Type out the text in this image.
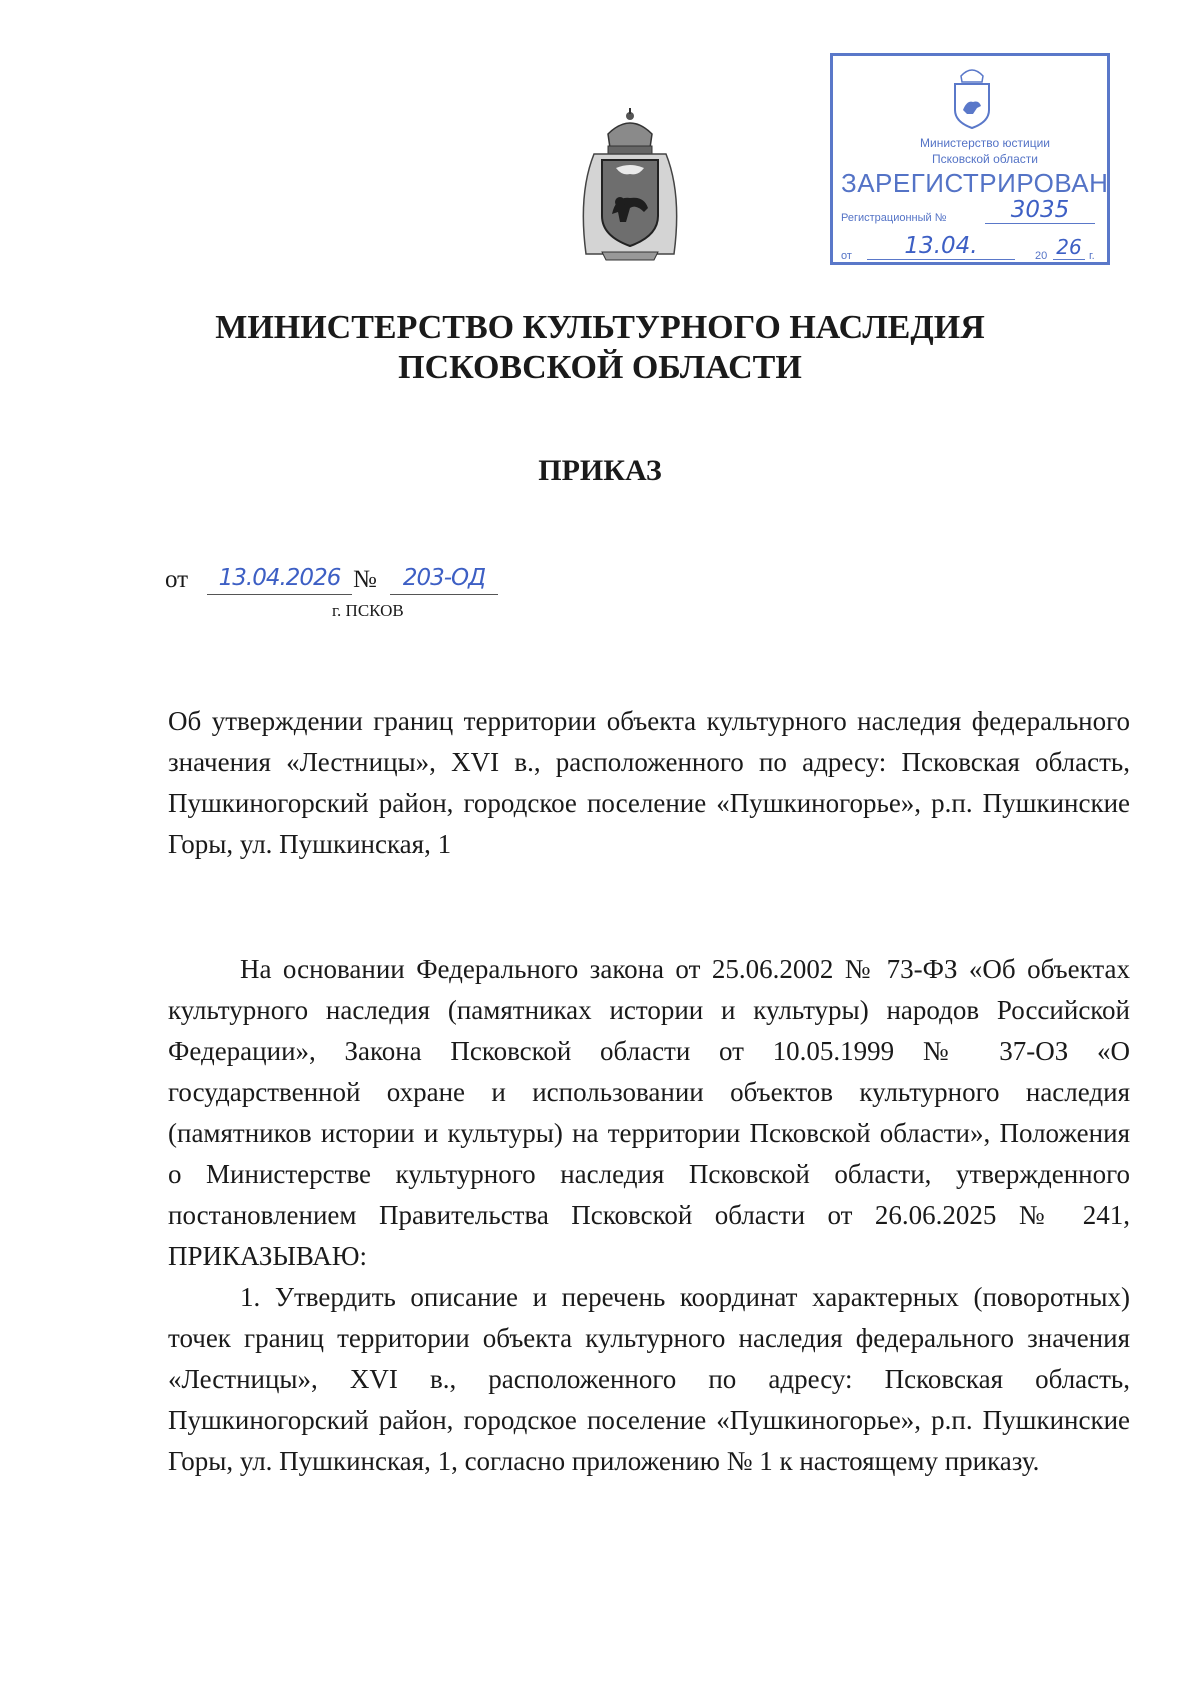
Министерство юстиции
Псковской области
ЗАРЕГИСТРИРОВАН
Регистрационный №	3035
от	13.04.	20 26 г.
МИНИСТЕРСТВО КУЛЬТУРНОГО НАСЛЕДИЯ
ПСКОВСКОЙ ОБЛАСТИ
ПРИКАЗ
от	13.04.2026 №	203-ОД
г. ПСКОВ
Об утверждении границ территории объекта культурного наследия федерального значения «Лестницы», XVI в., расположенного по адресу: Псковская область, Пушкиногорский район, городское поселение «Пушкиногорье», р.п. Пушкинские Горы, ул. Пушкинская, 1

На основании Федерального закона от 25.06.2002 № 73-ФЗ «Об объектах культурного наследия (памятниках истории и культуры) народов Российской Федерации», Закона Псковской области от 10.05.1999 № 37-ОЗ «О государственной охране и использовании объектов культурного наследия (памятников истории и культуры) на территории Псковской области», Положения о Министерстве культурного наследия Псковской области, утвержденного постановлением Правительства Псковской области от 26.06.2025 № 241, ПРИКАЗЫВАЮ:

1. Утвердить описание и перечень координат характерных (поворотных) точек границ территории объекта культурного наследия федерального значения «Лестницы», XVI в., расположенного по адресу: Псковская область, Пушкиногорский район, городское поселение «Пушкиногорье», р.п. Пушкинские Горы, ул. Пушкинская, 1, согласно приложению № 1 к настоящему приказу.
